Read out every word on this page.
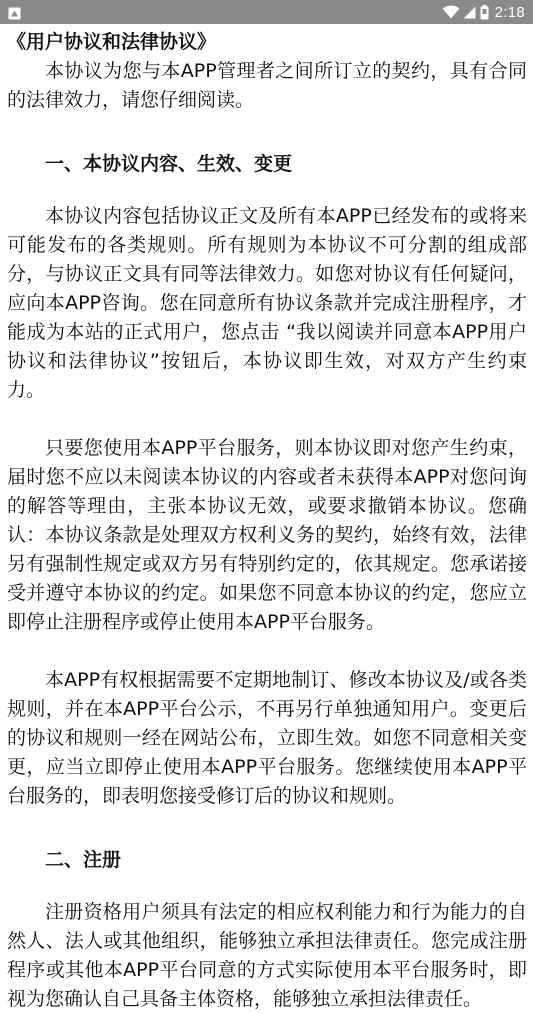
2:18

《用户协议和法律协议》

本协议为您与本APP管理者之间所订立的契约，具有合同的法律效力，请您仔细阅读。

一、本协议内容、生效、变更

本协议内容包括协议正文及所有本APP已经发布的或将来可能发布的各类规则。所有规则为本协议不可分割的组成部分，与协议正文具有同等法律效力。如您对协议有任何疑问，应向本APP咨询。您在同意所有协议条款并完成注册程序，才能成为本站的正式用户，您点击 “我以阅读并同意本APP用户协议和法律协议”按钮后，本协议即生效，对双方产生约束力。

只要您使用本APP平台服务，则本协议即对您产生约束，届时您不应以未阅读本协议的内容或者未获得本APP对您问询的解答等理由，主张本协议无效，或要求撤销本协议。您确认：本协议条款是处理双方权利义务的契约，始终有效，法律另有强制性规定或双方另有特别约定的，依其规定。您承诺接受并遵守本协议的约定。如果您不同意本协议的约定，您应立即停止注册程序或停止使用本APP平台服务。

本APP有权根据需要不定期地制订、修改本协议及/或各类规则，并在本APP平台公示，不再另行单独通知用户。变更后的协议和规则一经在网站公布，立即生效。如您不同意相关变更，应当立即停止使用本APP平台服务。您继续使用本APP平台服务的，即表明您接受修订后的协议和规则。

二、注册

注册资格用户须具有法定的相应权利能力和行为能力的自然人、法人或其他组织，能够独立承担法律责任。您完成注册程序或其他本APP平台同意的方式实际使用本平台服务时，即视为您确认自己具备主体资格，能够独立承担法律责任。
